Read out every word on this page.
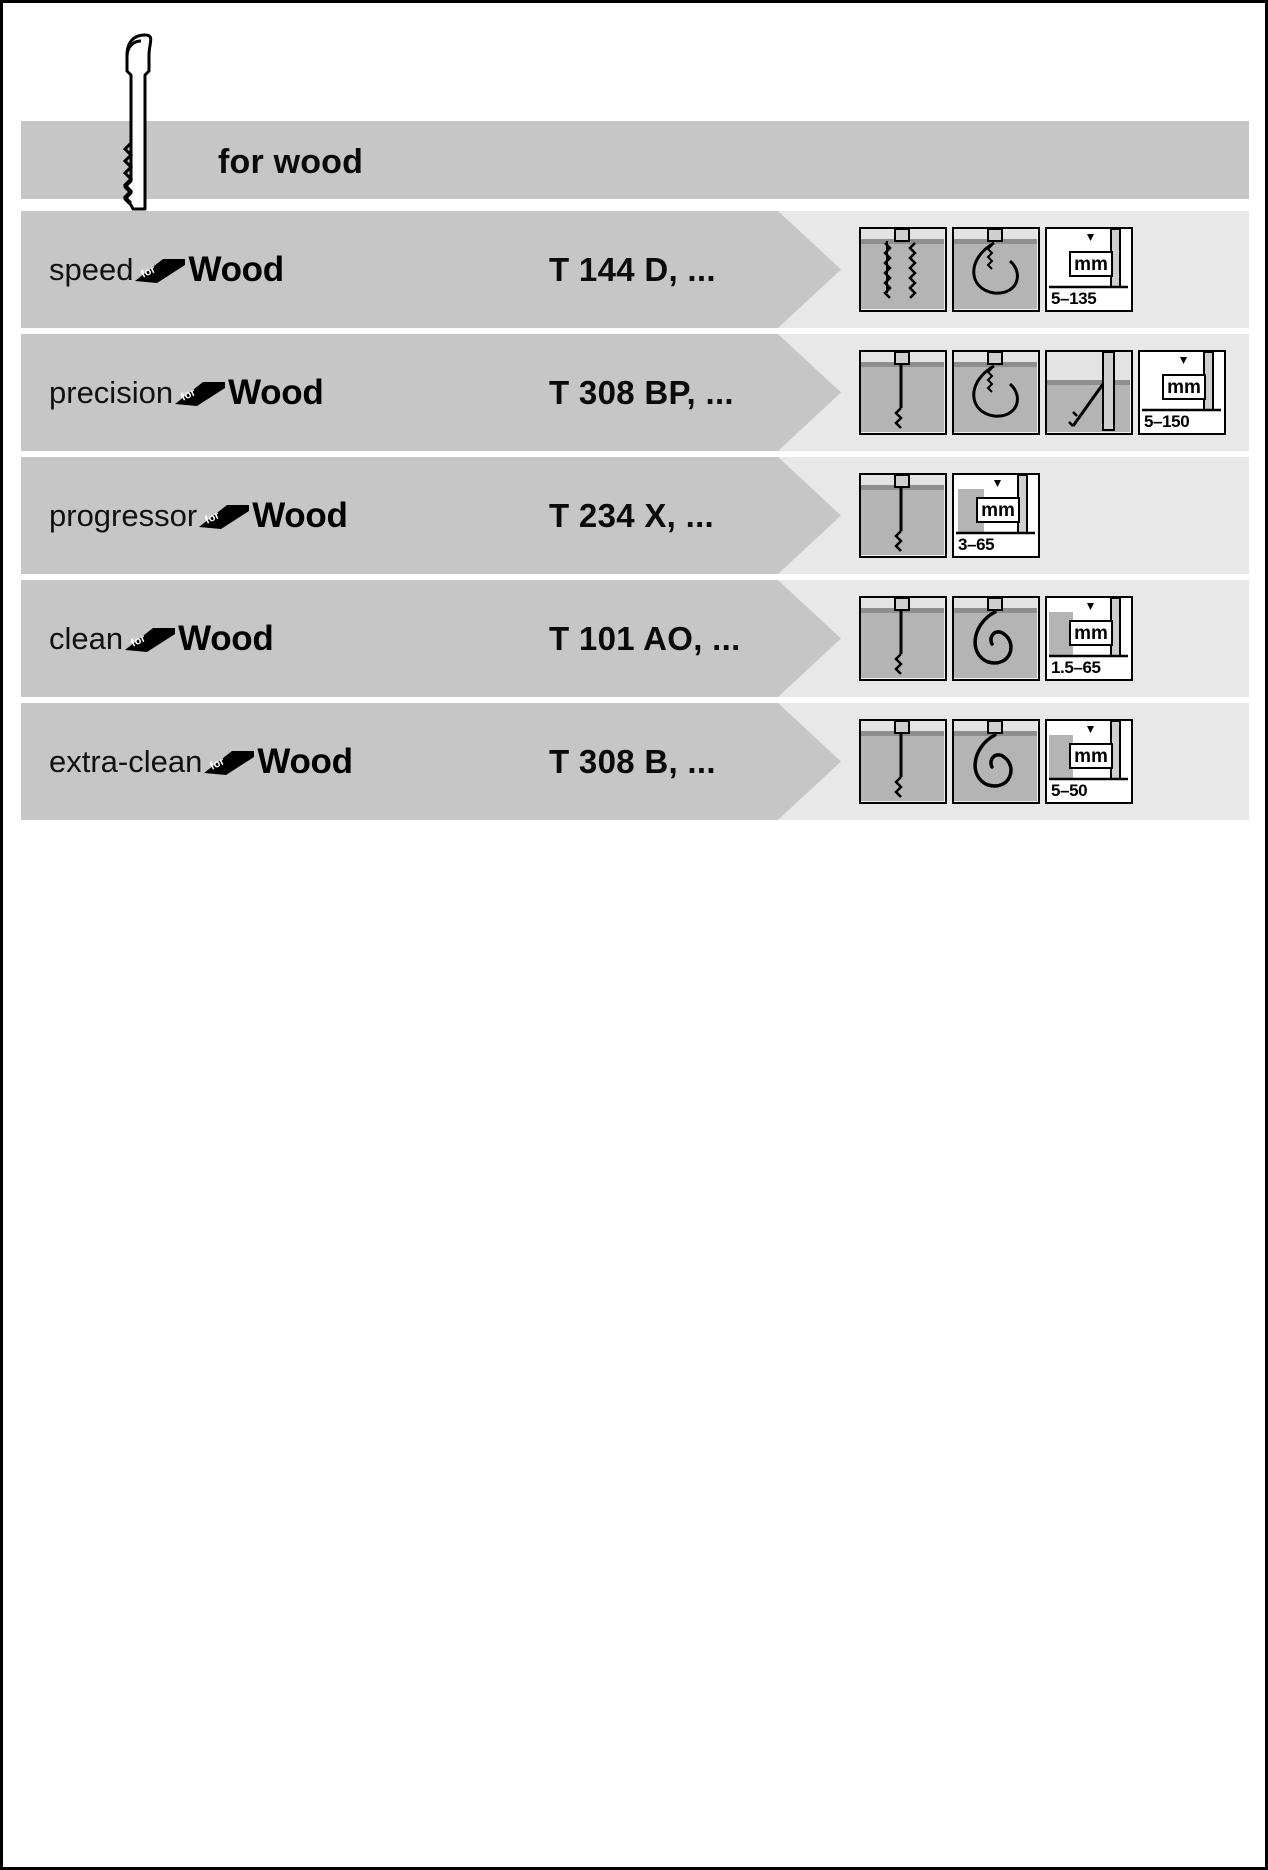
for wood
speed for Wood	T 144 D, ...	mm
5–135
precision for Wood	T 308 BP, ...	mm
5–150
progressor for Wood	T 234 X, ...	mm
3–65
clean for Wood	T 101 AO, ...	mm
1.5–65
extra-clean for Wood	T 308 B, ...	mm
5–50
